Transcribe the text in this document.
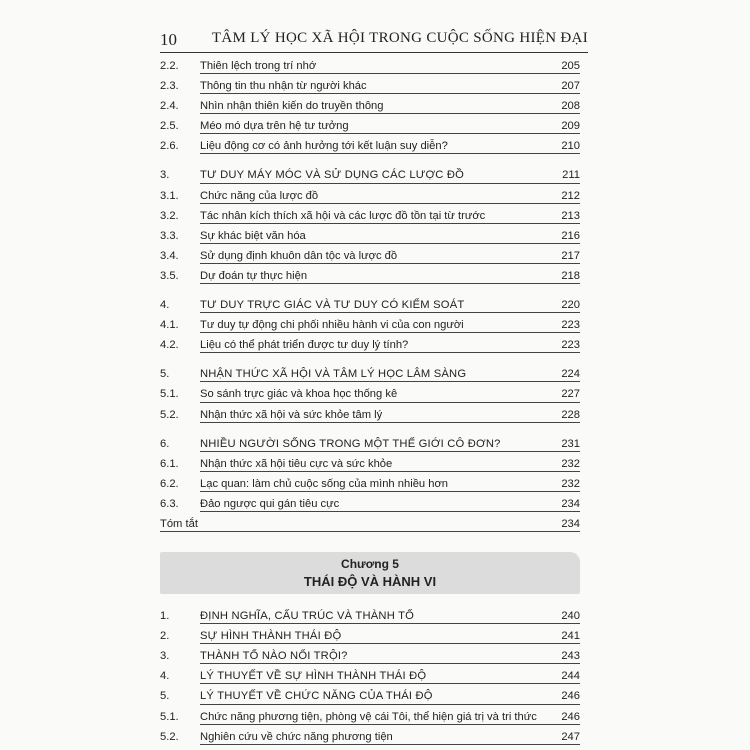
10 TÂM LÝ HỌC XÃ HỘI TRONG CUỘC SỐNG HIỆN ĐẠI
2.2.	Thiên lệch trong trí nhớ	205
2.3.	Thông tin thu nhận từ người khác	207
2.4.	Nhìn nhận thiên kiến do truyền thông	208
2.5.	Méo mó dựa trên hệ tư tưởng	209
2.6.	Liệu động cơ có ảnh hưởng tới kết luận suy diễn?	210
3.	TƯ DUY MÁY MÓC VÀ SỬ DỤNG CÁC LƯỢC ĐỒ	211
3.1.	Chức năng của lược đồ	212
3.2.	Tác nhân kích thích xã hội và các lược đồ tồn tại từ trước	213
3.3.	Sự khác biệt văn hóa	216
3.4.	Sử dụng định khuôn dân tộc và lược đồ	217
3.5.	Dự đoán tự thực hiện	218
4.	TƯ DUY TRỰC GIÁC VÀ TƯ DUY CÓ KIỂM SOÁT	220
4.1.	Tư duy tự động chi phối nhiều hành vi của con người	223
4.2.	Liệu có thể phát triển được tư duy lý tính?	223
5.	NHẬN THỨC XÃ HỘI VÀ TÂM LÝ HỌC LÂM SÀNG	224
5.1.	So sánh trực giác và khoa học thống kê	227
5.2.	Nhận thức xã hội và sức khỏe tâm lý	228
6.	NHIỀU NGƯỜI SỐNG TRONG MỘT THẾ GIỚI CÔ ĐƠN?	231
6.1.	Nhận thức xã hội tiêu cực và sức khỏe	232
6.2.	Lạc quan: làm chủ cuộc sống của mình nhiều hơn	232
6.3.	Đảo ngược qui gán tiêu cực	234
Tóm tắt	234
Chương 5
THÁI ĐỘ VÀ HÀNH VI
1.	ĐỊNH NGHĨA, CẤU TRÚC VÀ THÀNH TỐ	240
2.	SỰ HÌNH THÀNH THÁI ĐỘ	241
3.	THÀNH TỐ NÀO NỔI TRỘI?	243
4.	LÝ THUYẾT VỀ SỰ HÌNH THÀNH THÁI ĐỘ	244
5.	LÝ THUYẾT VỀ CHỨC NĂNG CỦA THÁI ĐỘ	246
5.1.	Chức năng phương tiện, phòng vệ cái Tôi, thể hiện giá trị và tri thức 246
5.2.	Nghiên cứu về chức năng phương tiện	247
